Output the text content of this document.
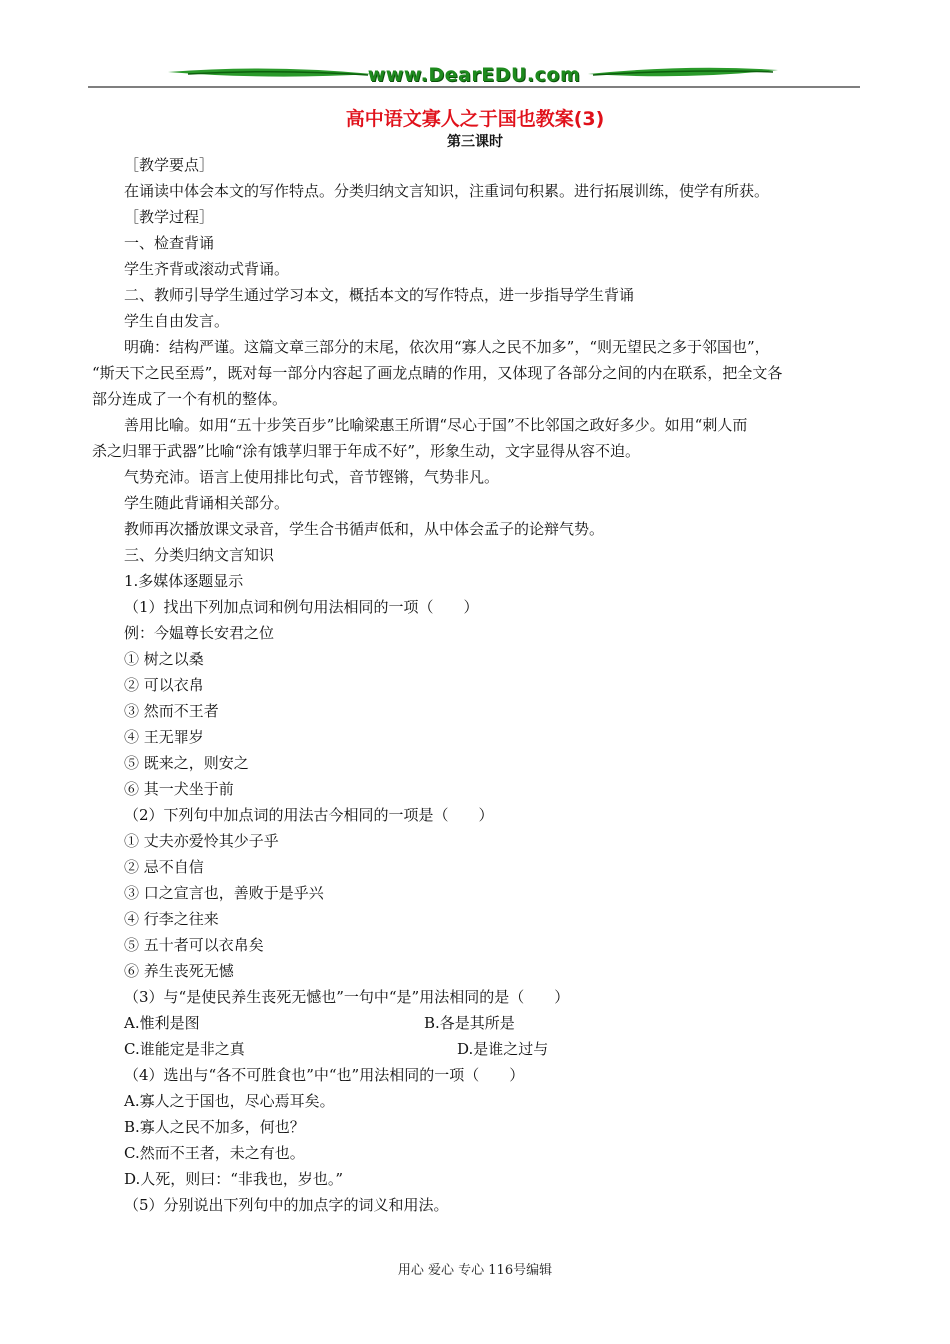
www.DearEDU.com
高中语文寡人之于国也教案(3)
第三课时
［教学要点］
在诵读中体会本文的写作特点。分类归纳文言知识，注重词句积累。进行拓展训练，使学有所获。
［教学过程］
一、检查背诵
学生齐背或滚动式背诵。
二、教师引导学生通过学习本文，概括本文的写作特点，进一步指导学生背诵
学生自由发言。
明确：结构严谨。这篇文章三部分的末尾，依次用“寡人之民不加多”，“则无望民之多于邻国也”，
“斯天下之民至焉”，既对每一部分内容起了画龙点睛的作用，又体现了各部分之间的内在联系，把全文各
部分连成了一个有机的整体。
善用比喻。如用“五十步笑百步”比喻梁惠王所谓“尽心于国”不比邻国之政好多少。如用“刺人而
杀之归罪于武器”比喻“涂有饿莩归罪于年成不好”，形象生动，文字显得从容不迫。
气势充沛。语言上使用排比句式，音节铿锵，气势非凡。
学生随此背诵相关部分。
教师再次播放课文录音，学生合书循声低和，从中体会孟子的论辩气势。
三、分类归纳文言知识
1.多媒体逐题显示
（1）找出下列加点词和例句用法相同的一项（　　）
例：今媪尊长安君之位
① 树之以桑
② 可以衣帛
③ 然而不王者
④ 王无罪岁
⑤ 既来之，则安之
⑥ 其一犬坐于前
（2）下列句中加点词的用法古今相同的一项是（　　）
① 丈夫亦爱怜其少子乎
② 忌不自信
③ 口之宣言也，善败于是乎兴
④ 行李之往来
⑤ 五十者可以衣帛矣
⑥ 养生丧死无憾
（3）与“是使民养生丧死无憾也”一句中“是”用法相同的是（　　）
A.惟利是图	B.各是其所是
C.谁能定是非之真	D.是谁之过与
（4）选出与“各不可胜食也”中“也”用法相同的一项（　　）
A.寡人之于国也，尽心焉耳矣。
B.寡人之民不加多，何也？
C.然而不王者，未之有也。
D.人死，则曰：“非我也，岁也。”
（5）分别说出下列句中的加点字的词义和用法。
用心 爱心 专心 116号编辑
